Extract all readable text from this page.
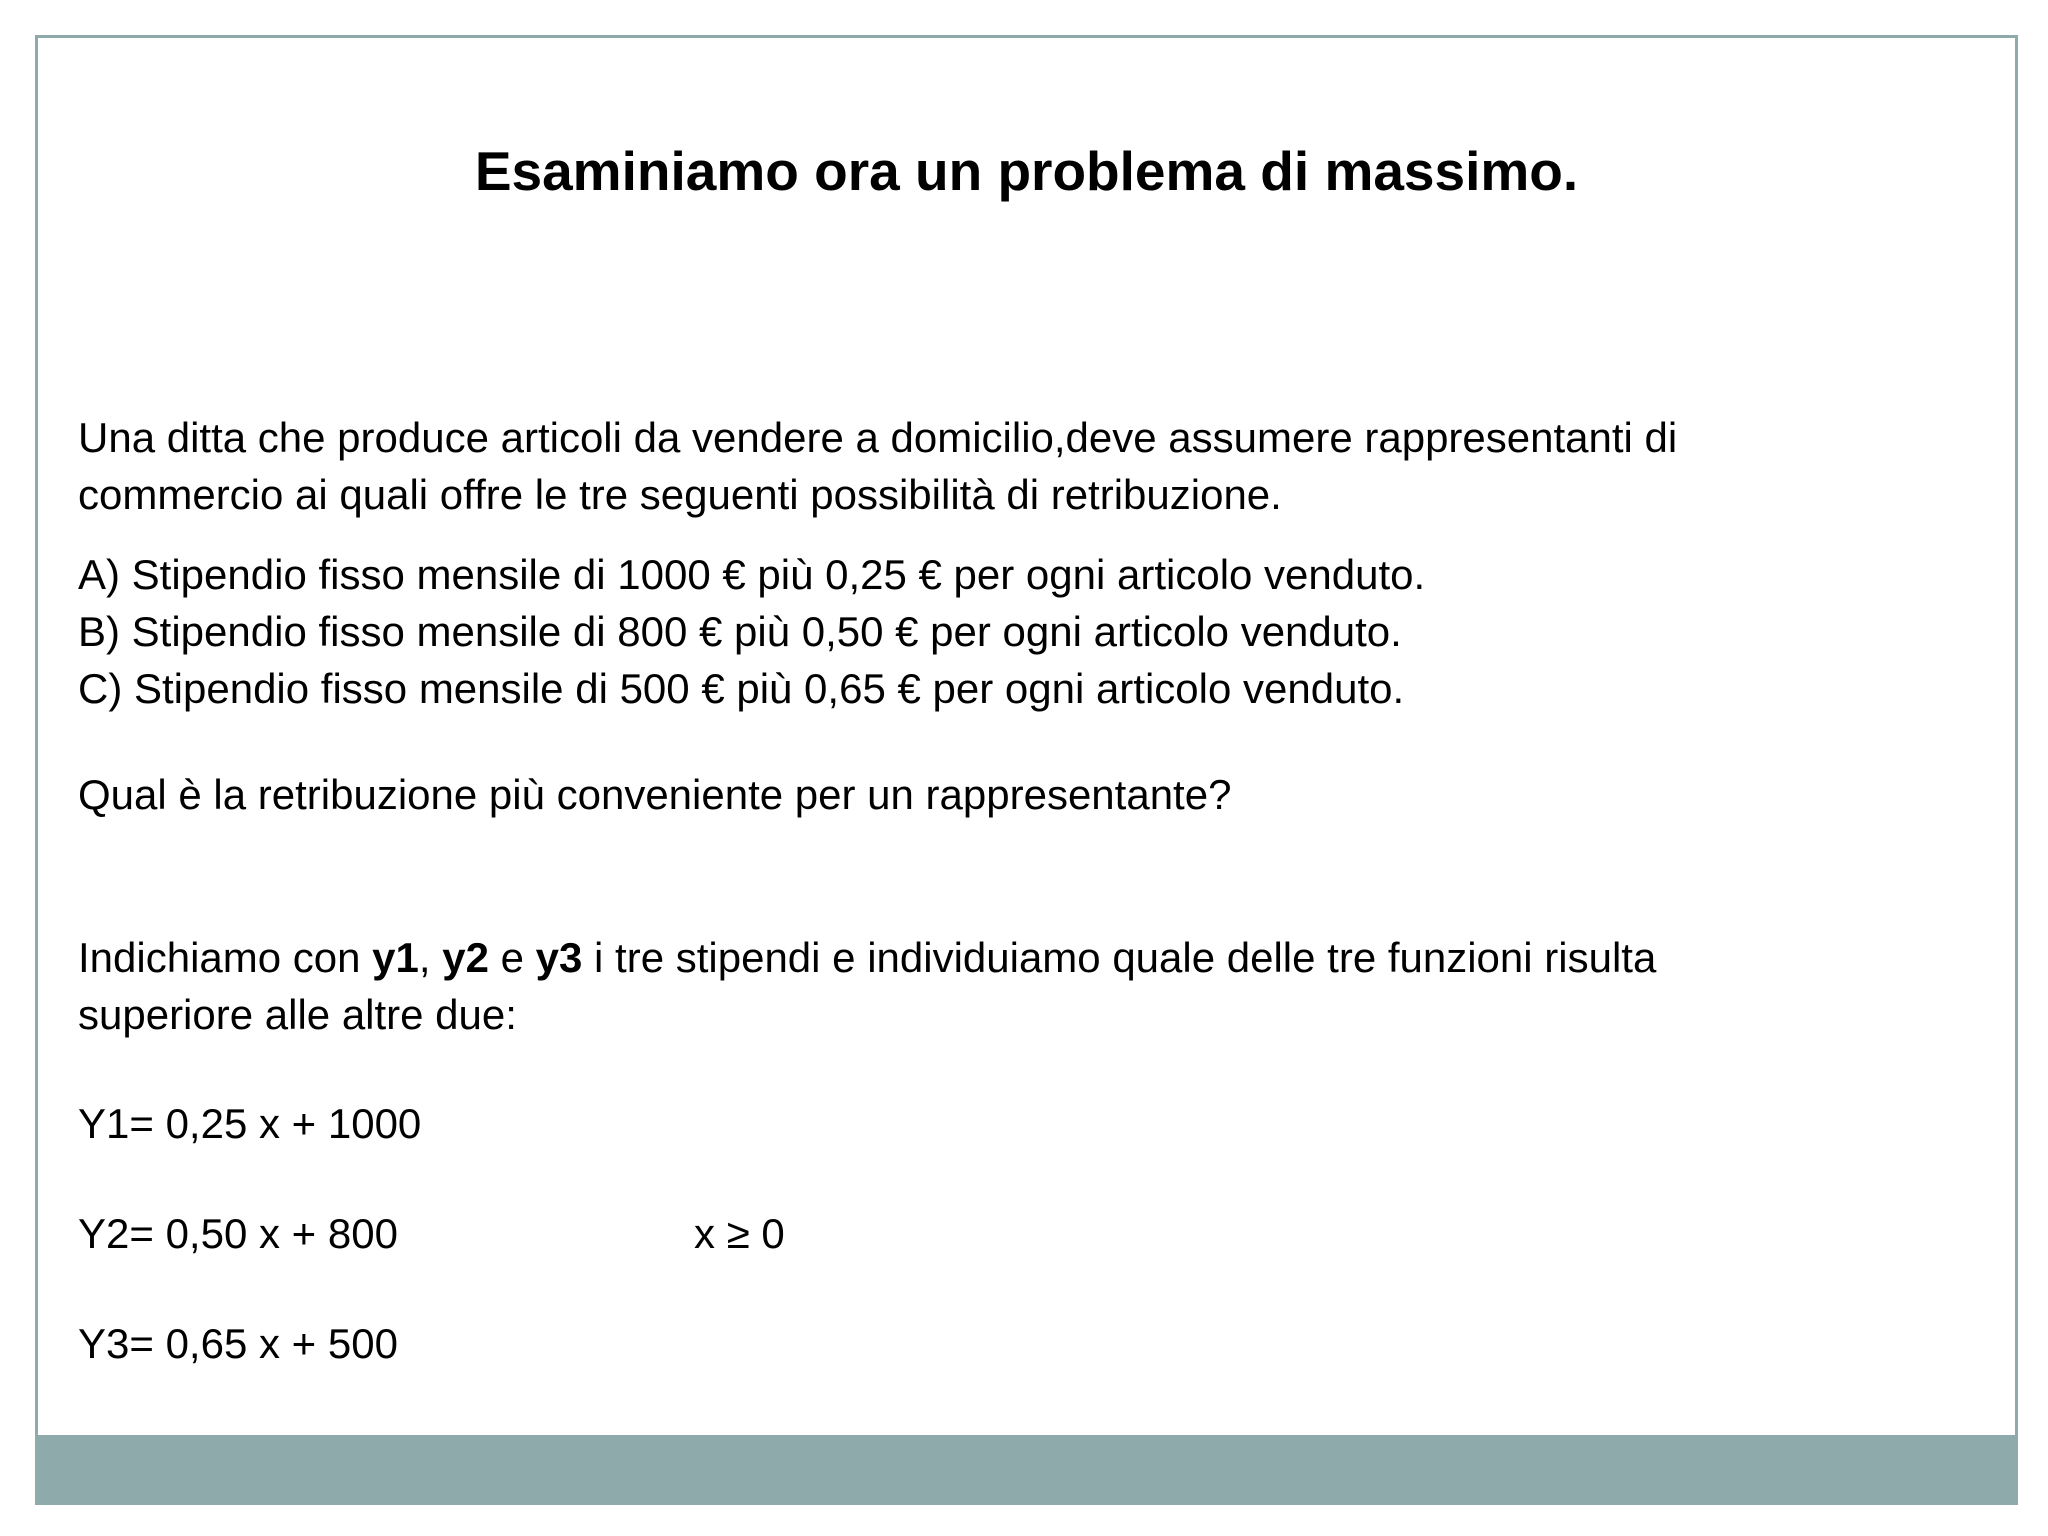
Esaminiamo ora un problema di massimo.

Una ditta che produce articoli da vendere a domicilio,deve assumere rappresentanti di
commercio ai quali offre le tre seguenti possibilità di retribuzione.

A) Stipendio fisso mensile di 1000 € più 0,25 € per ogni articolo venduto.
B) Stipendio fisso mensile di 800 € più 0,50 € per ogni articolo venduto.
C) Stipendio fisso mensile di 500 € più 0,65 € per ogni articolo venduto.

Qual è la retribuzione più conveniente per un rappresentante?

Indichiamo con y1, y2 e y3 i tre stipendi e individuiamo quale delle tre funzioni risulta
superiore alle altre due:

Y1= 0,25 x + 1000

Y2= 0,50 x + 800	x ≥ 0

Y3= 0,65 x + 500
